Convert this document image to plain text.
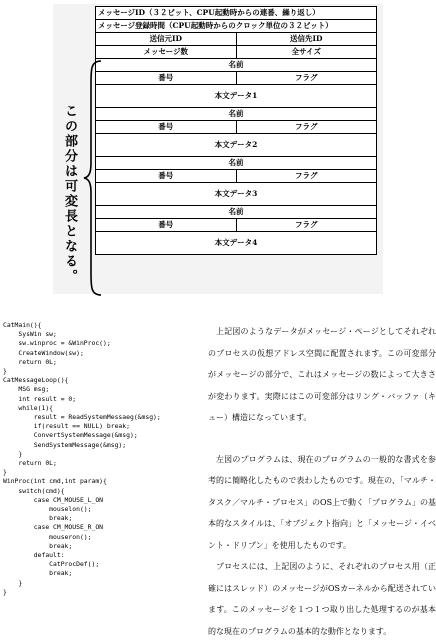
メッセージID（３２ビット、CPU起動時からの連番、繰り返し）	
メッセージ登録時間（CPU起動時からのクロック単位の３２ビット）	
送信元ID	送信先ID
メッセージ数	全サイズ
名前	
番号	フラグ
本文データ1	
名前	
番号	フラグ
本文データ2	
名前	
番号	フラグ
本文データ3	
名前	
番号	フラグ
本文データ4	
この部分は可変長となる。
CatMain(){
SysWin sw;
sw.winproc = &WinProc();
CreateWindow(sw);
return 0L;
}
CatMessageLoop(){
MSG msg;
int result = 0;
while(1){
result = ReadSystemMessaeg(&msg);
if(result == NULL) break;
ConvertSystemMessage(&msg);
SendSystemMessage(&msg);
}
return 0L;
}
WinProc(int cmd,int param){
switch(cmd){
case CM_MOUSE_L_ON
mouselon();
break;
case CM_MOUSE_R_ON
mouseron();
break;
default:
CatProcDef();
break;
}
}

上記図のようなデータがメッセージ・ページとしてそれぞれのプロセスの仮想アドレス空間に配置されます。この可変部分がメッセージの部分で、これはメッセージの数によって大きさが変わります。実際にはこの可変部分はリング・バッファ（キュー）構造になっています。

左図のプログラムは、現在のプログラムの一般的な書式を参考的に簡略化したもので表わしたものです。現在の、「マルチ・タスク／マルチ・プロセス」のOS上で動く「プログラム」の基本的なスタイルは、「オブジェクト指向」と「メッセージ・イベント・ドリブン」を使用したものです。

プロセスには、上記図のように、それぞれのプロセス用（正確にはスレッド）のメッセージがOSカーネルから配送されています。このメッセージを１つ１つ取り出した処理するのが基本的な現在のプログラムの基本的な動作となります。
